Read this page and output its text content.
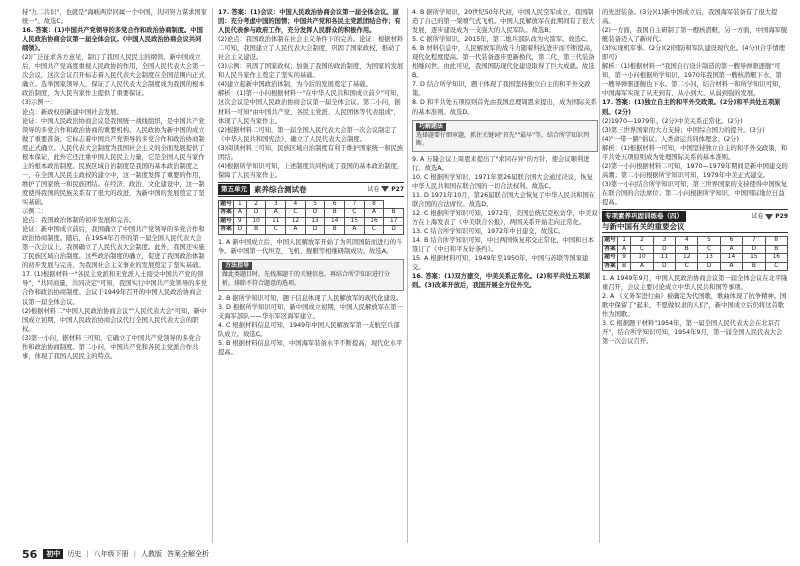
持"九二共识"，也就是"海峡两岸同属一个中国，共同努力谋求国家统一"。故选C。

16. 答案：(1)中国共产党领导的多党合作和政治协商制度。中国人民政治协商会议第一届全体会议。《中国人民政治协商会议共同纲领》。

(2)广泛征求各方意见，制订了我国人民民主的纲领。新中国成立后，中国共产党高度重视人民政协的作用，全国人民代表大会第一次会议，这次会议召开标志着人民代表大会制度在全国范围内正式确立。选举国家领导人，保证了人民代表大会制度成为我国的根本政治制度，为人民当家作主提供了重要保证。

(3)示例一：

论点：新政权创新建中国社会发展。

论证：中国人民政治协商会议是我国统一战线组织，是中国共产党领导的多党合作和政治协商的重要机构。人民政协为新中国的成立做了重要准备，它标志着中国共产党领导的多党合作和政治协商制度正式确立。人民代表大会制度为我国社会主义的全面发展提供了根本保证，此外它还注重中国人民民主力量，它是全国人民当家作主的根本政治制度。民族区域自治制度是我国的基本政治制度之一，在全国人民民主政权的建立中，这一制度发挥了重要的作用，维护了国家统一和民族团结。在经济、政治、文化建设中，这一制度使得我国的民族关系有了很大的改进，为新中国的发展奠定了坚实基础。

示例二：

论点：我国政治体制的初步发展和完善。

论证：新中国成立前后，我国确立了中国共产党领导的多党合作和政治协商制度。随后，在1954年召开的第一届全国人民代表大会第一次会议上，我国确立了人民代表大会制度。此外，我国还实施了民族区域自治制度。这些政治制度的确立，促进了我国政治体制的初步发展与完善，为我国社会主义事业的发展奠定了坚实基础。

17. (1)根据材料一"各民主党派和无党派人士接受中国共产党的领导"，"共同商量，共同决定"可知，我国实行中国共产党领导的多党合作和政治协商制度。会议于1949年召开的中国人民政治协商会议第一届全体会议。

(2)根据材料二"中国人民政治协商会议""人民代表大会"可知，新中国成立初期，中国人民政治协商会议代行全国人民代表大会的职权。

(3)第一小问，据材料三可知，它确立了中国共产党领导的多党合作和政治协商制度。第二小问，中国共产党和各民主党派合作共事，体现了我国人民民主的特点。

17. 答案：(1)会议：中国人民政治协商会议第一届全体会议。原因：充分考虑中国的国情；中国共产党和各民主党派团结合作；有人民代表参与政府工作，充分发挥人民群众的积极作用。

(2)论点：我国政治体制在社会主义条件下的完善。论证：根据材料二可知，我国建立了人民代表大会制度，巩固了国家政权，推动了社会主义建设。

(3)示例：巩固了国家政权；加强了我国的政治制度，为国家的发展和人民当家作主奠定了坚实的基础。

(4)建立起新中国政治体制，为今后的发展奠定了基础。

解析：(1)第一小问根据材料一"在中华人民共和国成立前夕"可知，这次会议是中国人民政治协商会议第一届全体会议。第二小问，据材料一可知"由中国共产党、各民主党派、人民团体等代表组成"，体现了人民当家作主。

(2)根据材料二可知，第一届全国人民代表大会第一次会议制定了《中华人民共和国宪法》，确立了人民代表大会制度。

(3)阅读材料三可知，民族区域自治制度有利于维护国家统一和民族团结。

(4)根据所学知识可知，上述制度共同构成了我国的基本政治制度，保障了人民当家作主。

第五单元 素养综合测试卷	试卷 P27
题号	1	2	3	4	5	6	7	8	
答案	A	D	A	C	D	B	C	A	B
题号	9	10	11	12	13	14	15	16	17
答案	D	B	C	A	D	B	A	C	D

1. A 新中国成立后，中国人民解放军开始了为巩固国防而进行的斗争。新中国第一代坦克、飞机、舰艇等相继研制成功。故选A。

方法指导
做此类题目时，先找准题干的关键信息，再结合所学知识进行分析，排除不符合题意的选项。

2. B 据所学知识可知，题干信息体现了人民解放军的现代化建设。

3. D 根据所学知识可知，新中国成立初期，中国人民解放军在第一支海军部队——华东军区海军建立。

4. C 根据材料信息可知，1949年中国人民解放军第一支航空兵部队成立。故选C。

5. B 根据材料信息可知，中国海军装备水平不断提高，现代化水平提高。

4. B 据所学知识，20世纪50年代初，中国人民空军成立，我国制造了自己的第一架喷气式飞机。中国人民解放军在此期间有了很大发展，逐步建设成为一支强大的人民军队。故选B。

5. C 据所学知识，2015年，第二炮兵部队改为火箭军。故选C。

6. B 材料信息中，人民解放军的战斗力随着科技进步而不断提高，现代化程度提高。第一代装备逐步更新换代，第二代、第三代装备相继问世。由此可见，我国国防现代化建设取得了巨大成就。故选B。

7. D 结合所学知识，题干体现了我国坚持独立自主的和平外交政策。

8. D 和平共处五项原则首先由我国总理周恩来提出，成为国际关系的基本准则。故选D。

巧解题法
选择题要仔细审题，抓住关键词"首先""最早"等，结合所学知识判断。

9. A 万隆会议上周恩来提出了"求同存异"的方针，使会议顺利进行。故选A。

10. C 根据所学知识，1971年第26届联合国大会通过决议，恢复中华人民共和国在联合国的一切合法权利。故选C。

11. D 1971年10月，第26届联合国大会恢复了中华人民共和国在联合国的合法席位。故选D。

12. C 根据所学知识可知，1972年，美国总统尼克松访华，中美双方在上海发表了《中美联合公报》，两国关系开始走向正常化。

13. C 结合所学知识可知，1972年中日建交，故选C。

14. B 结合所学知识可知，中日两国恢复邦交正常化，中国和日本签订了《中日和平友好条约》。

15. A 根据材料可知，1949年至1950年，中国与苏联等国家建交。

16. 答案：(1)双方建交，中美关系正常化。(2)和平共处五项原则。(3)改革开放后，我国开展全方位外交。

的先进装备。(3分)(1)新中国成立后，我国海军装备有了很大提高。

(2)一方面，我国自主研制了第一艘核潜艇，另一方面，中国海军舰艇装备迈入了新时代。

(3)实现机军事。(2分)(2)国防和军队建设现代化。(4分)(合乎情理即可)

解析：(1)根据材料一"我国自行设计制造的第一艘导弹驱逐舰"可知，第一小问根据所学知识，1970年我国第一艘核潜艇下水，第一艘导弹驱逐舰也下水。第二小问，结合材料一和所学知识可知，中国海军实现了从无到有、从小到大、从弱到强的发展。

17. 答案：(1)独立自主的和平外交政策。(2分)和平共处五项原则。(2分)

(2)1970—1979年。(2分)中美关系正常化。(2分)

(3)第三世界国家的大力支持；中国综合国力的提升。(3分)

(4)"一带一路"倡议；人类命运共同体理念。(2分)

解析：(1)根据材料一可知，中国坚持独立自主的和平外交政策，和平共处五项原则成为处理国际关系的基本准则。

(2)第一小问根据材料二可知，1970—1979年期间是新中国建交的高潮；第二小问根据所学知识可知，1979年中美正式建交。

(3)第一小问结合所学知识可知，第三世界国家的支持使得中国恢复在联合国的合法席位；第二小问根据所学知识，中国国际地位日益提高。

专项素养巩固训练卷（四）	试卷 P29
与新中国有关的重要会议
题号	1	2	3	4	5	6	7	8
答案	A	C	D	B	C	A	D	B
题号	9	10	11	12	13	14	15	16
答案	B	A	D	C	D	A	B	C

1. A 1949年9月，中国人民政治协商会议第一届全体会议在北平隆重召开，会议主要讨论成立中华人民共和国等事项。

2. A 《义务军进行曲》被确定为代国歌，歌曲体现了抗争精神。国歌中保留了"起来，不愿做奴隶的人们"，新中国成立后仍将这首歌作为国歌。

3. C 根据题干材料"1954年，第一届全国人民代表大会在北京召开"，结合所学知识可知，1954年9月，第一届全国人民代表大会第一次会议召开。

56	初中	历史 | 八年级下册 | 人教版 答案全解全析
